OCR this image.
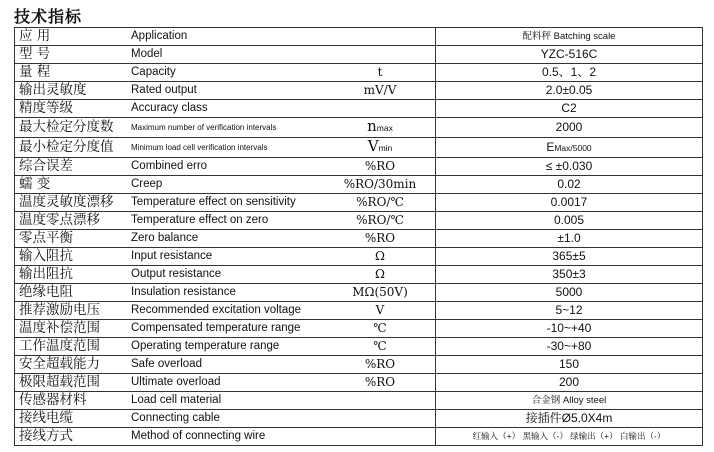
技术指标
应 用	Application		配料秤 Batching scale
型 号	Model		YZC-516C
量 程	Capacity	t	0.5、1、2
输出灵敏度	Rated output	mV/V	2.0±0.05
精度等级	Accuracy class		C2
最大检定分度数	Maximum number of verification intervals	nmax	2000
最小检定分度值	Minimum load cell verification intervals	Vmin	EMax/5000
综合误差	Combined erro	%RO	≤ ±0.030
蠕 变	Creep	%RO/30min	0.02
温度灵敏度漂移	Temperature effect on sensitivity	%RO/℃	0.0017
温度零点漂移	Temperature effect on zero	%RO/℃	0.005
零点平衡	Zero balance	%RO	±1.0
输入阻抗	Input resistance	Ω	365±5
输出阻抗	Output resistance	Ω	350±3
绝缘电阻	Insulation resistance	MΩ(50V)	5000
推荐激励电压	Recommended excitation voltage	V	5~12
温度补偿范围	Compensated temperature range	℃	-10~+40
工作温度范围	Operating temperature range	℃	-30~+80
安全超载能力	Safe overload	%RO	150
极限超载范围	Ultimate overload	%RO	200
传感器材料	Load cell material		合金钢 Alloy steel
接线电缆	Connecting cable		接插件Ø5.0X4m
接线方式	Method of connecting wire		红输入（+） 黑输入（-） 绿输出（+） 白输出（-）
